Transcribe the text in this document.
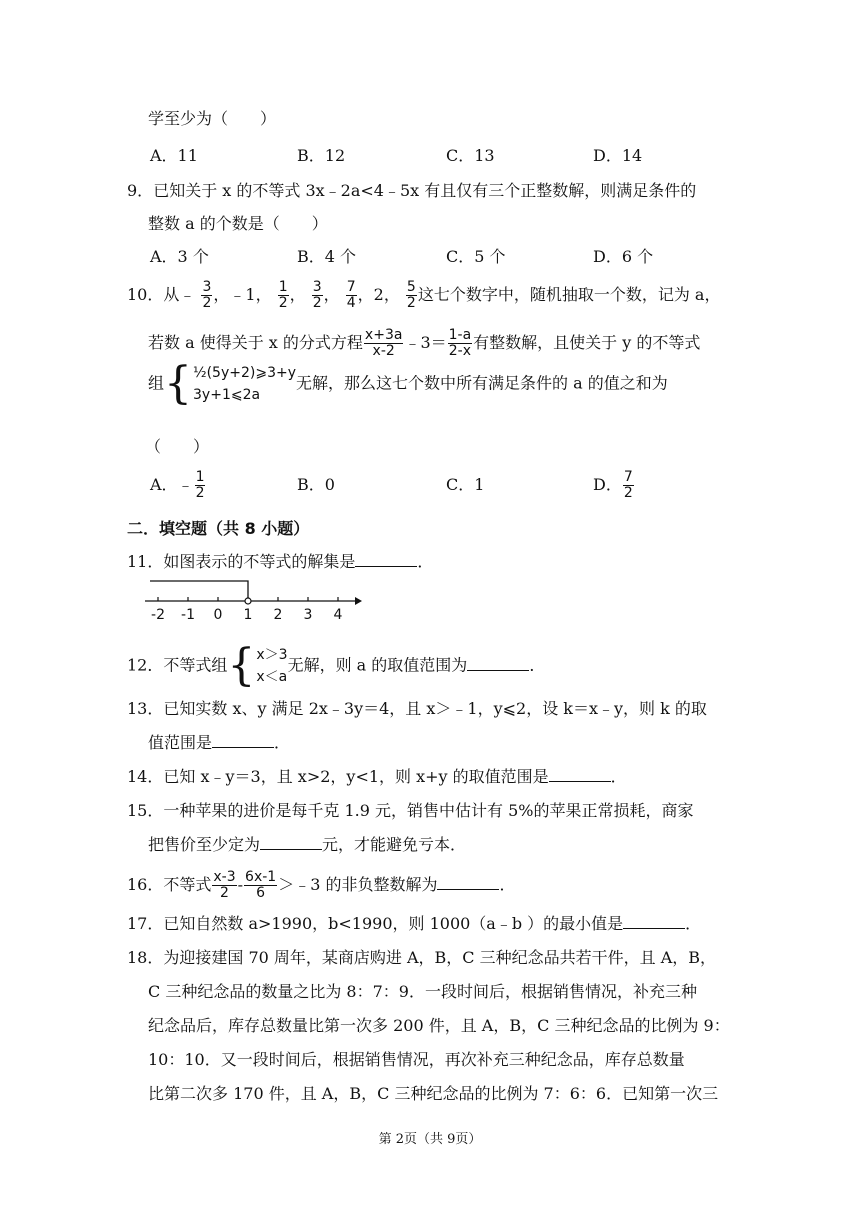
学至少为（　　）
A．11	B．12	C．13	D．14
9．已知关于 x 的不等式 3x﹣2a<4﹣5x 有且仅有三个正整数解，则满足条件的
整数 a 的个数是（　　）
A．3 个	B．4 个	C．5 个	D．6 个
10．从﹣ $\frac{3}{2}$ ，﹣1， $\frac{1}{2}$ ， $\frac{3}{2}$ ， $\frac{7}{4}$ ，2， $\frac{5}{2}$ 这七个数字中，随机抽取一个数，记为 a，
若数 a 使得关于 x 的分式方程 $\frac{x+3a}{x-2}$ ﹣3＝ $\frac{1-a}{2-x}$ 有整数解，且使关于 y 的不等式
组 { ½(5y+2)⩾3+y
3y+1⩽2a
无解，那么这七个数中所有满足条件的 a 的值之和为
（　　）
A．﹣ $\frac{1}{2}$	B．0	C．1	D． $\frac{7}{2}$
二．填空题（共 8 小题）
11．如图表示的不等式的解集是	．
-2 -1 0 1 2 3 4
12．不等式组 { x＞3
x＜a
无解，则 a 的取值范围为	．
13．已知实数 x、y 满足 2x﹣3y＝4，且 x＞﹣1，y⩽2，设 k＝x﹣y，则 k 的取
值范围是	．
14．已知 x﹣y＝3，且 x>2，y<1，则 x+y 的取值范围是	．
15．一种苹果的进价是每千克 1.9 元，销售中估计有 5%的苹果正常损耗，商家
把售价至少定为	元，才能避免亏本．
16．不等式 $\frac{x-3}{2} - \frac{6x-1}{6}$ ＞﹣3 的非负整数解为	．
17．已知自然数 a>1990，b<1990，则 1000（a﹣b ）的最小值是	．
18．为迎接建国 70 周年，某商店购进 A，B，C 三种纪念品共若干件，且 A，B，
C 三种纪念品的数量之比为 8：7：9．一段时间后，根据销售情况，补充三种
纪念品后，库存总数量比第一次多 200 件，且 A，B，C 三种纪念品的比例为 9：
10：10．又一段时间后，根据销售情况，再次补充三种纪念品，库存总数量
比第二次多 170 件，且 A，B，C 三种纪念品的比例为 7：6：6．已知第一次三
第 2页（共 9页）
